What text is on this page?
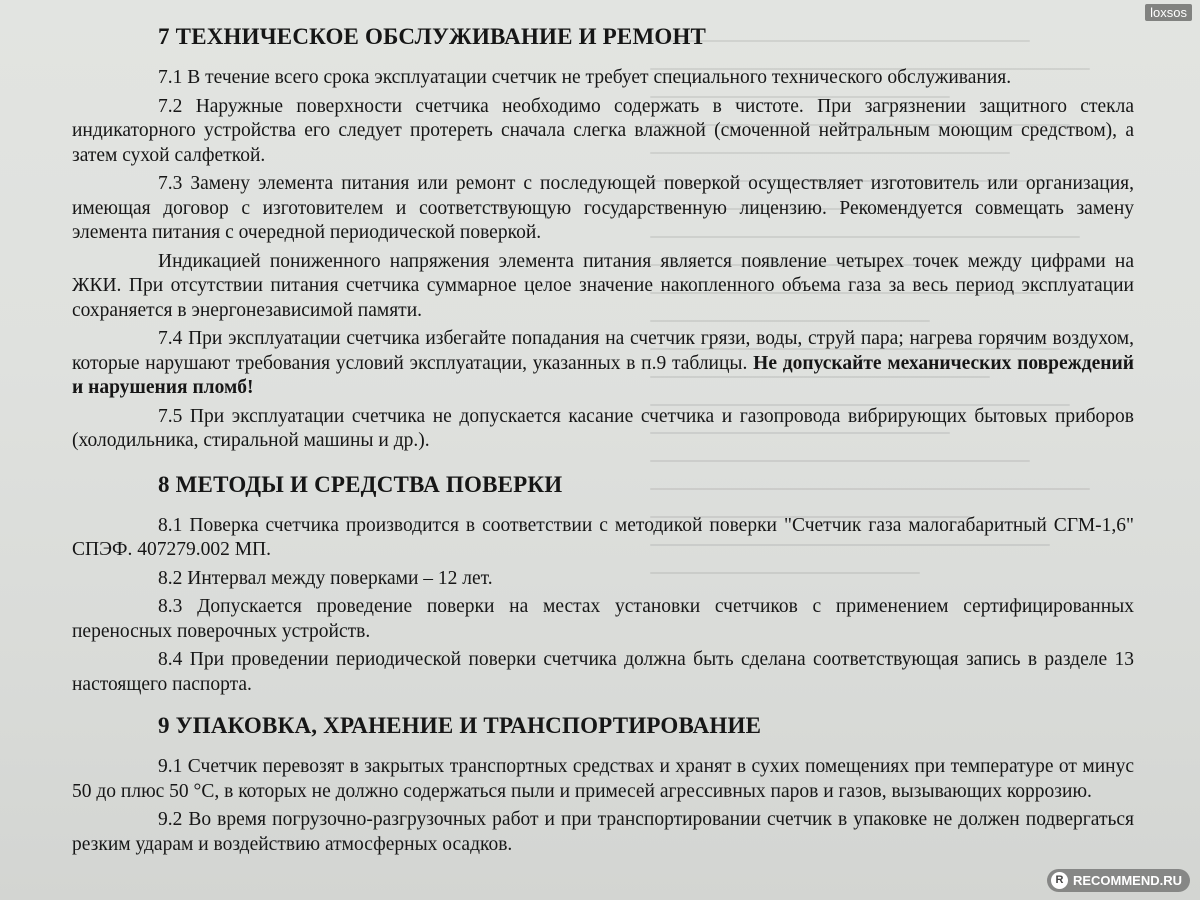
7 ТЕХНИЧЕСКОЕ ОБСЛУЖИВАНИЕ И РЕМОНТ

7.1 В течение всего срока эксплуатации счетчик не требует специального технического обслуживания.

7.2 Наружные поверхности счетчика необходимо содержать в чистоте. При загрязнении защитного стекла индикаторного устройства его следует протереть сначала слегка влажной (смоченной нейтральным моющим средством), а затем сухой салфеткой.

7.3 Замену элемента питания или ремонт с последующей поверкой осуществляет изготовитель или организация, имеющая договор с изготовителем и соответствующую государственную лицензию. Рекомендуется совмещать замену элемента питания с очередной периодической поверкой.

Индикацией пониженного напряжения элемента питания является появление четырех точек между цифрами на ЖКИ. При отсутствии питания счетчика суммарное целое значение накопленного объема газа за весь период эксплуатации сохраняется в энергонезависимой памяти.

7.4 При эксплуатации счетчика избегайте попадания на счетчик грязи, воды, струй пара; нагрева горячим воздухом, которые нарушают требования условий эксплуатации, указанных в п.9 таблицы. Не допускайте механических повреждений и нарушения пломб!

7.5 При эксплуатации счетчика не допускается касание счетчика и газопровода вибрирующих бытовых приборов (холодильника, стиральной машины и др.).

8 МЕТОДЫ И СРЕДСТВА ПОВЕРКИ

8.1 Поверка счетчика производится в соответствии с методикой поверки "Счетчик газа малогабаритный СГМ-1,6" СПЭФ. 407279.002 МП.

8.2 Интервал между поверками – 12 лет.

8.3 Допускается проведение поверки на местах установки счетчиков с применением сертифицированных переносных поверочных устройств.

8.4 При проведении периодической поверки счетчика должна быть сделана соответствующая запись в разделе 13 настоящего паспорта.

9 УПАКОВКА, ХРАНЕНИЕ И ТРАНСПОРТИРОВАНИЕ

9.1 Счетчик перевозят в закрытых транспортных средствах и хранят в сухих помещениях при температуре от минус 50 до плюс 50 °С, в которых не должно содержаться пыли и примесей агрессивных паров и газов, вызывающих коррозию.

9.2 Во время погрузочно-разгрузочных работ и при транспортировании счетчик в упаковке не должен подвергаться резким ударам и воздействию атмосферных осадков.

loxsos
R RECOMMEND.RU
